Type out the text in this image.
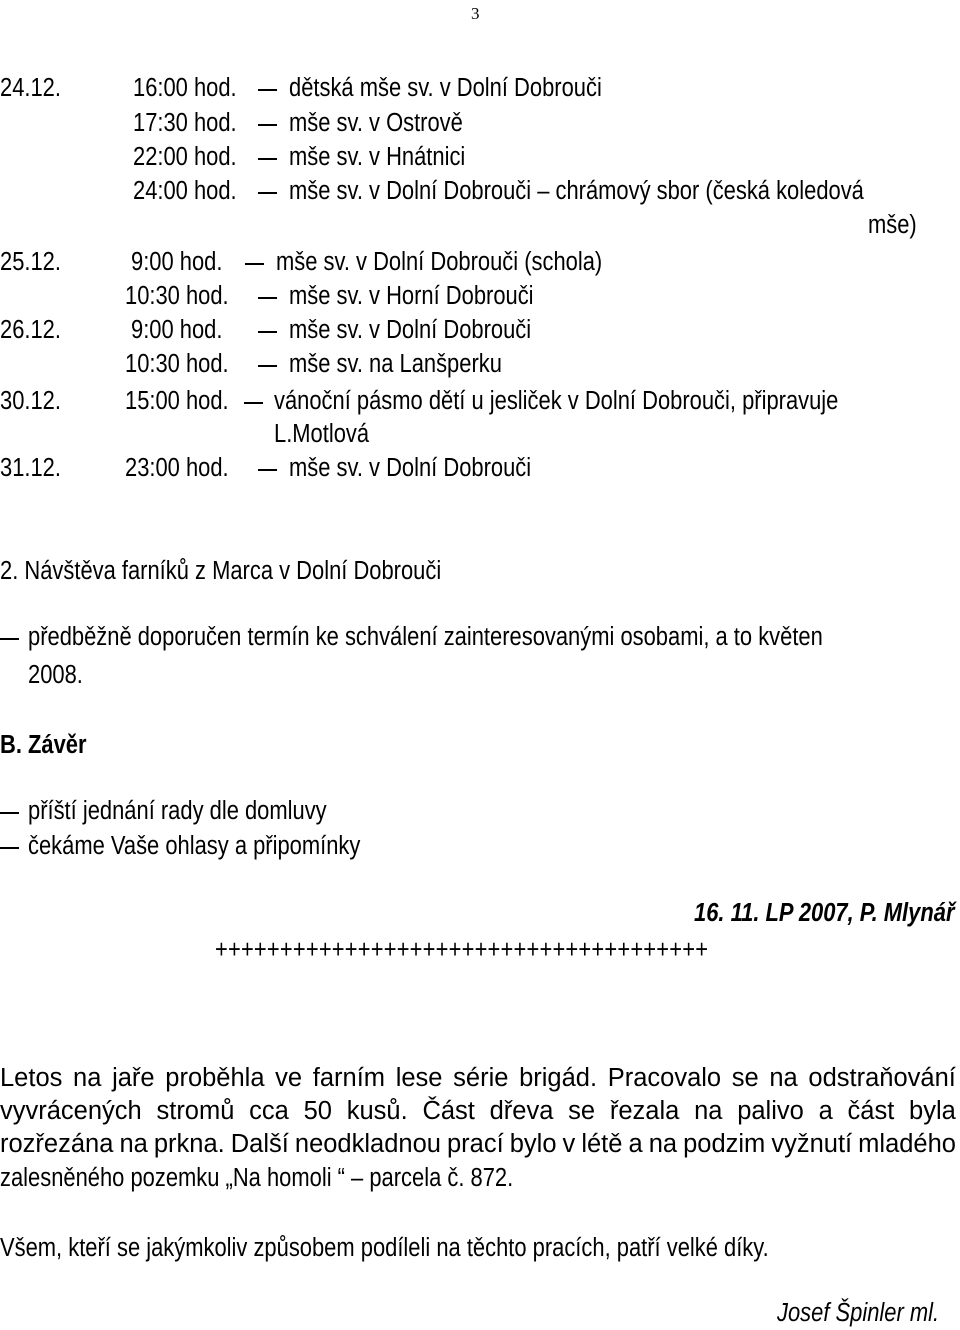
3
24.12.	16:00 hod. dětská mše sv. v Dolní Dobrouči
17:30 hod. mše sv. v Ostrově
22:00 hod. mše sv. v Hnátnici
24:00 hod. mše sv. v Dolní Dobrouči – chrámový sbor (česká koledová
mše)
25.12.	9:00 hod. mše sv. v Dolní Dobrouči (schola)
10:30 hod. mše sv. v Horní Dobrouči
26.12.	9:00 hod.	mše sv. v Dolní Dobrouči
10:30 hod. mše sv. na Lanšperku
30.12.	15:00 hod. vánoční pásmo dětí u jesliček v Dolní Dobrouči, připravuje
L.Motlová
31.12.	23:00 hod. mše sv. v Dolní Dobrouči
2. Návštěva farníků z Marca v Dolní Dobrouči
předběžně doporučen termín ke schválení zainteresovanými osobami, a to květen
2008.
B. Závěr
příští jednání rady dle domluvy
čekáme Vaše ohlasy a připomínky
16. 11. LP 2007, P. Mlynář
++++++++++++++++++++++++++++++++++++++
Letos na jaře proběhla ve farním lese série brigád. Pracovalo se na odstraňování
vyvrácených stromů cca 50 kusů. Část dřeva se řezala na palivo a část byla
rozřezána na prkna. Další neodkladnou prací bylo v létě a na podzim vyžnutí mladého
zalesněného pozemku „Na homoli “ – parcela č. 872.
Všem, kteří se jakýmkoliv způsobem podíleli na těchto pracích, patří velké díky.
Josef Špinler ml.
